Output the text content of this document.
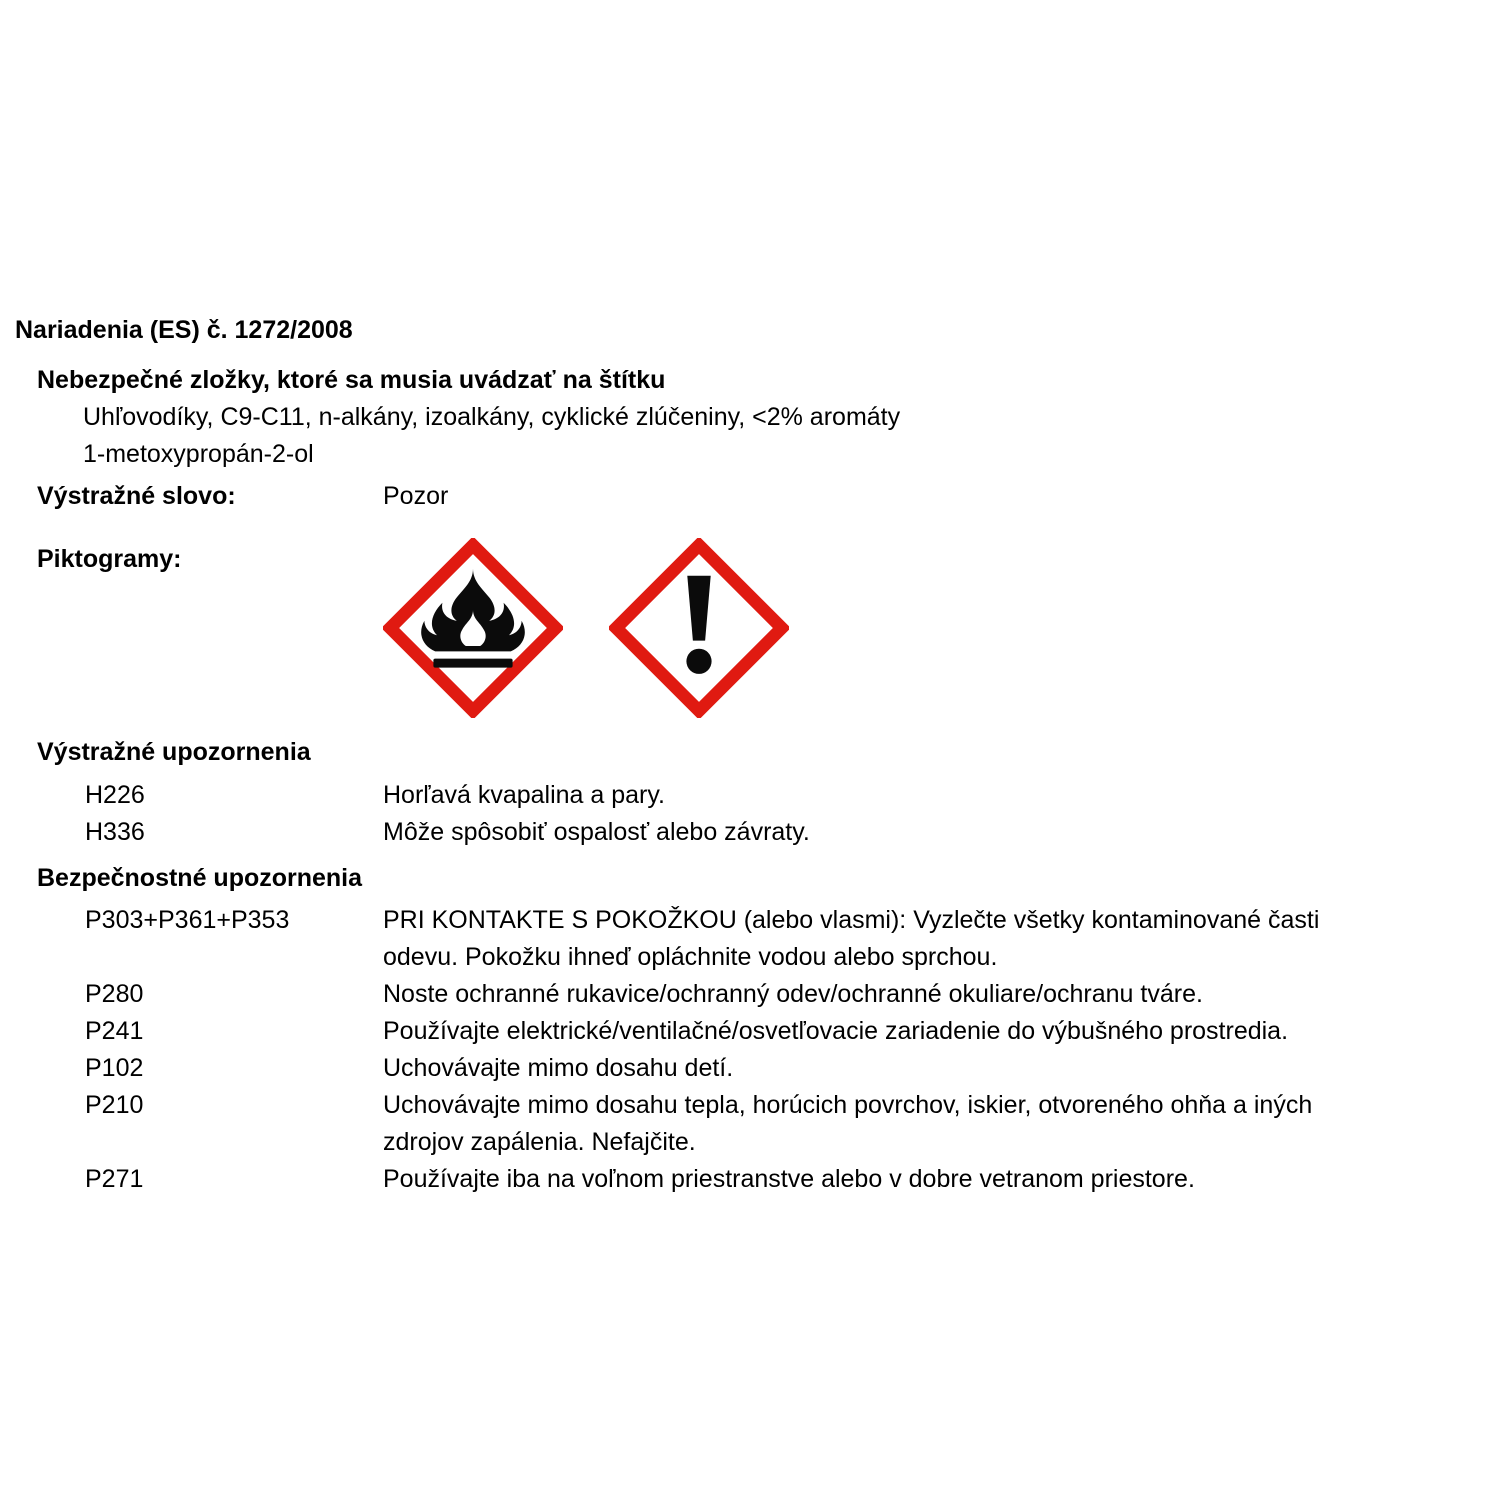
Nariadenia (ES) č. 1272/2008
Nebezpečné zložky, ktoré sa musia uvádzať na štítku
Uhľovodíky, C9-C11, n-alkány, izoalkány, cyklické zlúčeniny, <2% aromáty
1-metoxypropán-2-ol
Výstražné slovo:	Pozor
Piktogramy:
Výstražné upozornenia
H226	Horľavá kvapalina a pary.
H336	Môže spôsobiť ospalosť alebo závraty.
Bezpečnostné upozornenia
P303+P361+P353	PRI KONTAKTE S POKOŽKOU (alebo vlasmi): Vyzlečte všetky kontaminované časti
odevu. Pokožku ihneď opláchnite vodou alebo sprchou.
P280	Noste ochranné rukavice/ochranný odev/ochranné okuliare/ochranu tváre.
P241	Používajte elektrické/ventilačné/osvetľovacie zariadenie do výbušného prostredia.
P102	Uchovávajte mimo dosahu detí.
P210	Uchovávajte mimo dosahu tepla, horúcich povrchov, iskier, otvoreného ohňa a iných
zdrojov zapálenia. Nefajčite.
P271	Používajte iba na voľnom priestranstve alebo v dobre vetranom priestore.
